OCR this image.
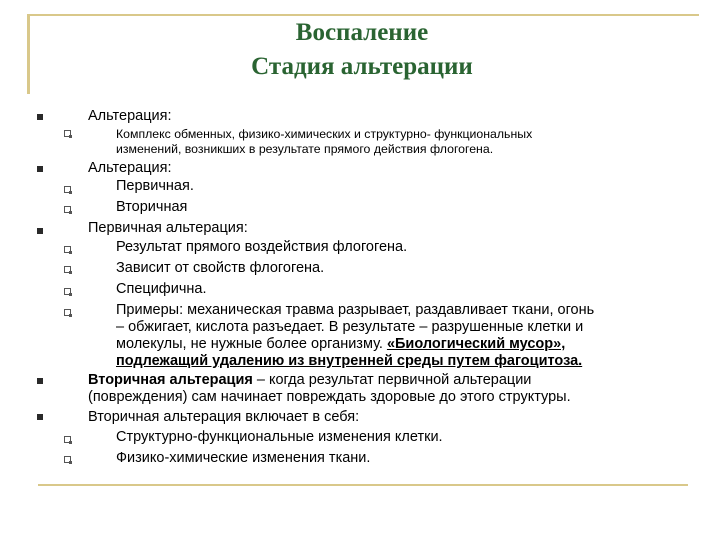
Воспаление
Стадия альтерации
Альтерация:
Комплекс обменных, физико-химических и структурно- функциональных
изменений, возникших в результате прямого действия флогогена.
Альтерация:
Первичная.
Вторичная
Первичная альтерация:
Результат прямого воздействия флогогена.
Зависит от свойств флогогена.
Специфична.
Примеры: механическая травма разрывает, раздавливает ткани, огонь
– обжигает, кислота разъедает. В результате – разрушенные клетки и
молекулы, не нужные более организму. «Биологический мусор»,
подлежащий удалению из внутренней среды путем фагоцитоза.
Вторичная альтерация – когда результат первичной альтерации
(повреждения) сам начинает повреждать здоровые до этого структуры.
Вторичная альтерация включает в себя:
Структурно-функциональные изменения клетки.
Физико-химические изменения ткани.
